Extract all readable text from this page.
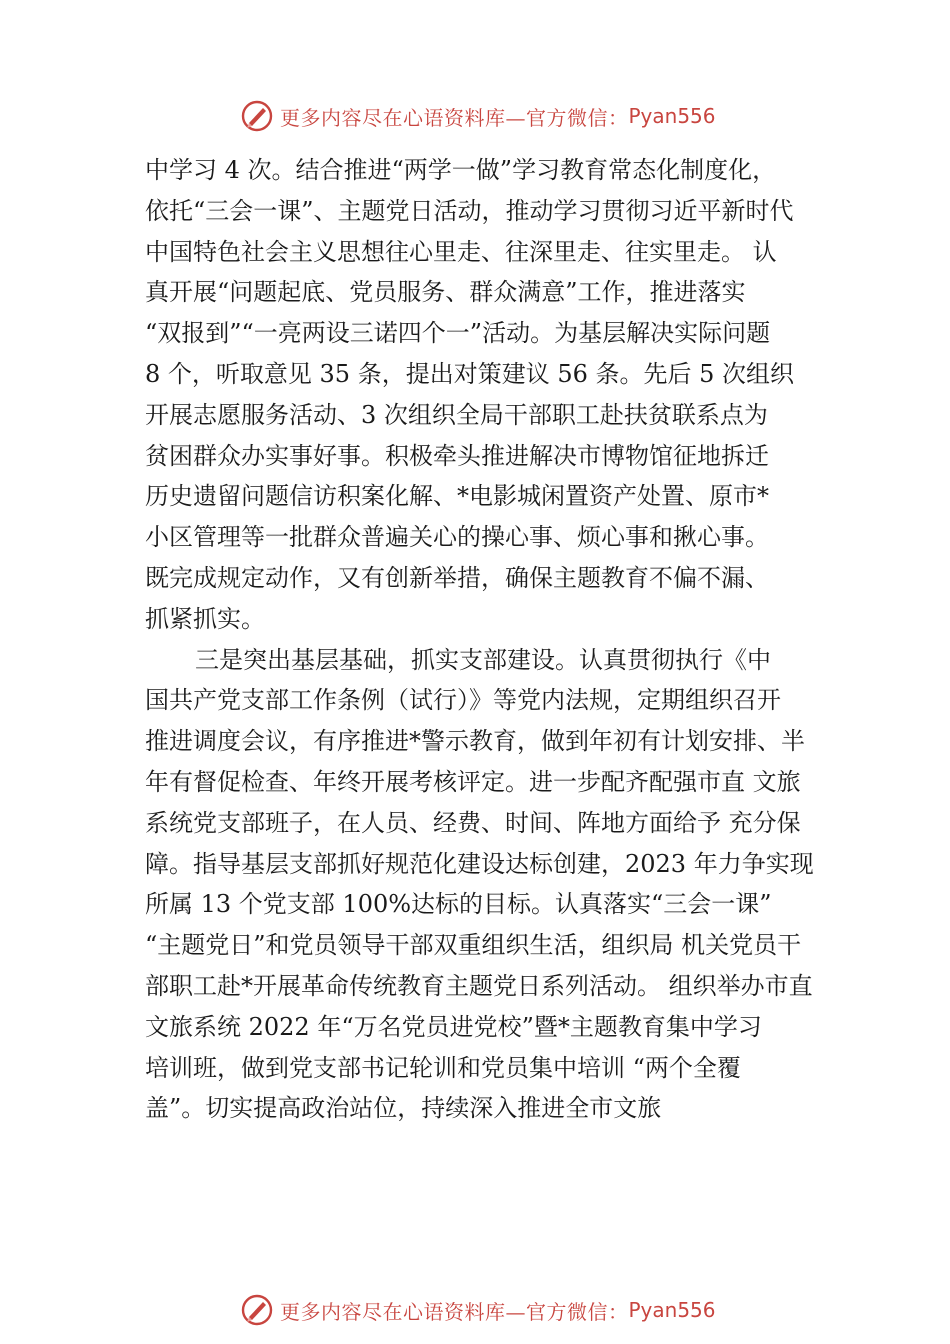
更多内容尽在心语资料库—官方微信： Pyan556
中学习 4 次。结合推进“两学一做”学习教育常态化制度化，
依托“三会一课”、主题党日活动，推动学习贯彻习近平新时代
中国特色社会主义思想往心里走、往深里走、往实里走。 认
真开展“问题起底、党员服务、群众满意”工作，推进落实
“双报到”“一亮两设三诺四个一”活动。为基层解决实际问题
8 个，听取意见 35 条，提出对策建议 56 条。先后 5 次组织
开展志愿服务活动、3 次组织全局干部职工赴扶贫联系点为
贫困群众办实事好事。积极牵头推进解决市博物馆征地拆迁
历史遗留问题信访积案化解、*电影城闲置资产处置、原市*
小区管理等一批群众普遍关心的操心事、烦心事和揪心事。
既完成规定动作，又有创新举措，确保主题教育不偏不漏、
抓紧抓实。
三是突出基层基础，抓实支部建设。认真贯彻执行《中
国共产党支部工作条例（试行）》等党内法规，定期组织召开
推进调度会议，有序推进*警示教育，做到年初有计划安排、半
年有督促检查、年终开展考核评定。进一步配齐配强市直 文旅
系统党支部班子，在人员、经费、时间、阵地方面给予 充分保
障。指导基层支部抓好规范化建设达标创建，2023 年力争实现
所属 13 个党支部 100%达标的目标。认真落实“三会一课”
“主题党日”和党员领导干部双重组织生活，组织局 机关党员干
部职工赴*开展革命传统教育主题党日系列活动。 组织举办市直
文旅系统 2022 年“万名党员进党校”暨*主题教育集中学习
培训班，做到党支部书记轮训和党员集中培训 “两个全覆
盖”。切实提高政治站位，持续深入推进全市文旅
更多内容尽在心语资料库—官方微信： Pyan556
